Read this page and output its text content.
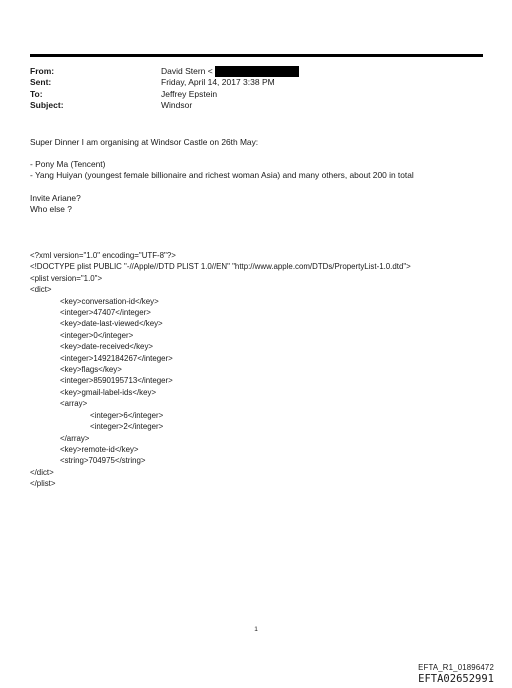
From:	David Stern <
Sent:	Friday, April 14, 2017 3:38 PM
To:	Jeffrey Epstein
Subject:	Windsor
Super Dinner I am organising at Windsor Castle on 26th May:
- Pony Ma (Tencent)
- Yang Huiyan (youngest female billionaire and richest woman Asia) and many others, about 200 in total
Invite Ariane?
Who else ?
<?xml version="1.0" encoding="UTF-8"?>
<!DOCTYPE plist PUBLIC "-//Apple//DTD PLIST 1.0//EN" "http://www.apple.com/DTDs/PropertyList-1.0.dtd">
<plist version="1.0">
<dict>
<key>conversation-id</key>
<integer>47407</integer>
<key>date-last-viewed</key>
<integer>0</integer>
<key>date-received</key>
<integer>1492184267</integer>
<key>flags</key>
<integer>8590195713</integer>
<key>gmail-label-ids</key>
<array>
<integer>6</integer>
<integer>2</integer>
</array>
<key>remote-id</key>
<string>704975</string>
</dict>
</plist>
1
EFTA_R1_01896472
EFTA02652991
